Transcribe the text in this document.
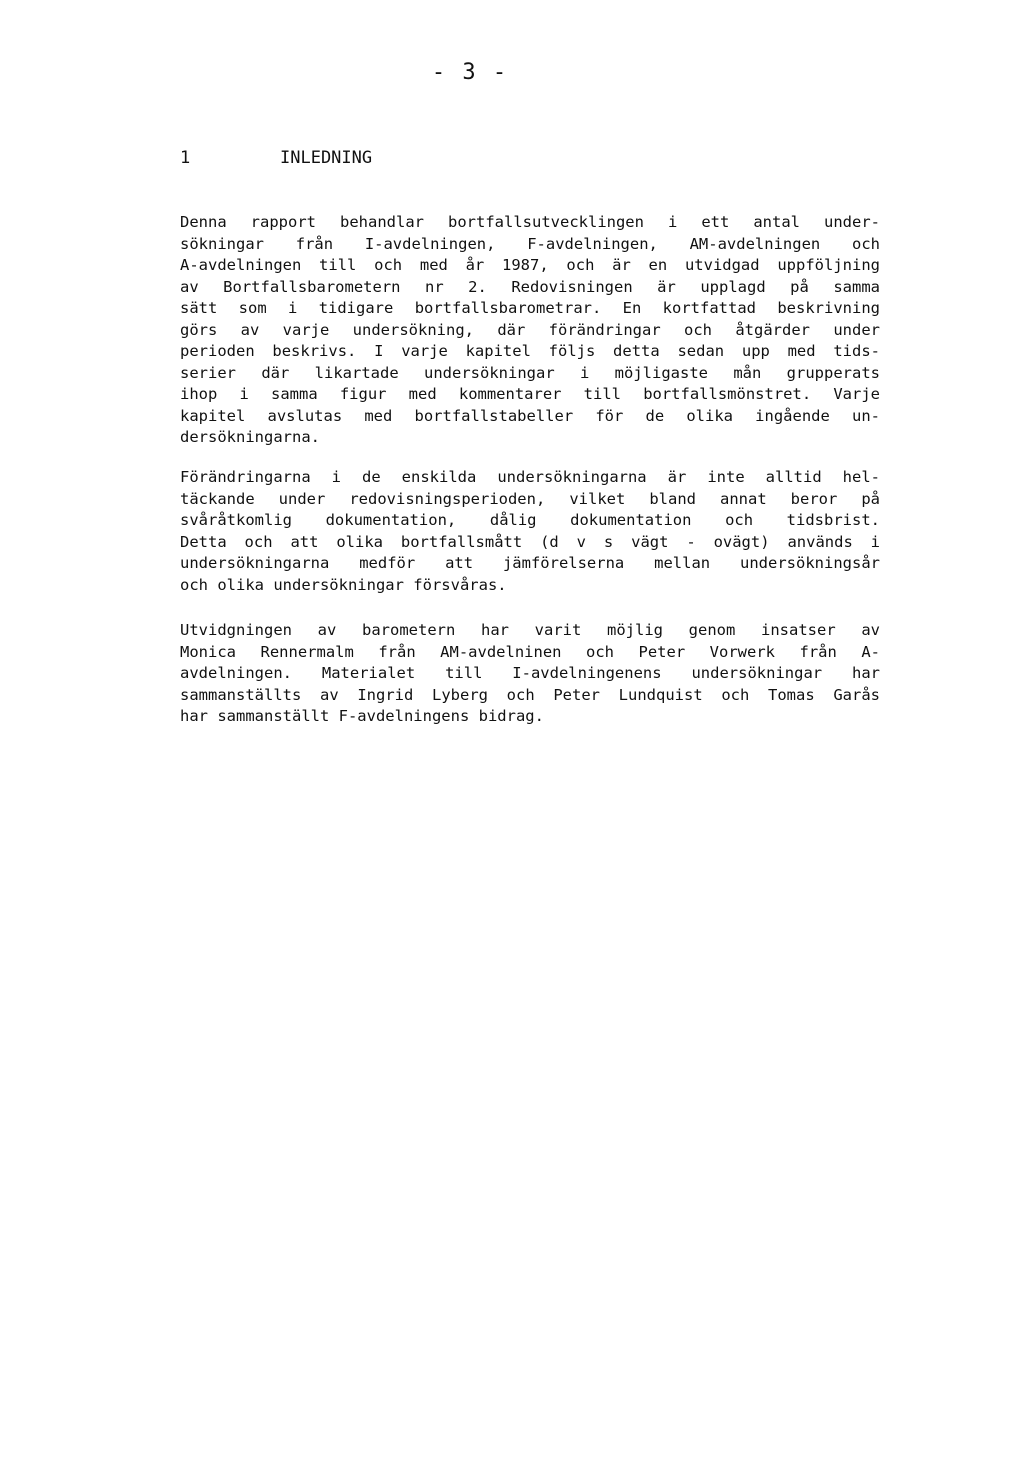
- 3 -
1	INLEDNING
Denna rapport behandlar bortfallsutvecklingen i ett antal under-
sökningar från I-avdelningen, F-avdelningen, AM-avdelningen och
A-avdelningen till och med år 1987, och är en utvidgad uppföljning
av Bortfallsbarometern nr 2. Redovisningen är upplagd på samma
sätt som i tidigare bortfallsbarometrar. En kortfattad beskrivning
görs av varje undersökning, där förändringar och åtgärder under
perioden beskrivs. I varje kapitel följs detta sedan upp med tids-
serier där likartade undersökningar i möjligaste mån grupperats
ihop i samma figur med kommentarer till bortfallsmönstret. Varje
kapitel avslutas med bortfallstabeller för de olika ingående un-
dersökningarna.
Förändringarna i de enskilda undersökningarna är inte alltid hel-
täckande under redovisningsperioden, vilket bland annat beror på
svåråtkomlig dokumentation, dålig dokumentation och tidsbrist.
Detta och att olika bortfallsmått (d v s vägt - ovägt) används i
undersökningarna medför att jämförelserna mellan undersökningsår
och olika undersökningar försvåras.
Utvidgningen av barometern har varit möjlig genom insatser av
Monica Rennermalm från AM-avdelninen och Peter Vorwerk från A-
avdelningen. Materialet till I-avdelningenens undersökningar har
sammanställts av Ingrid Lyberg och Peter Lundquist och Tomas Garås
har sammanställt F-avdelningens bidrag.
